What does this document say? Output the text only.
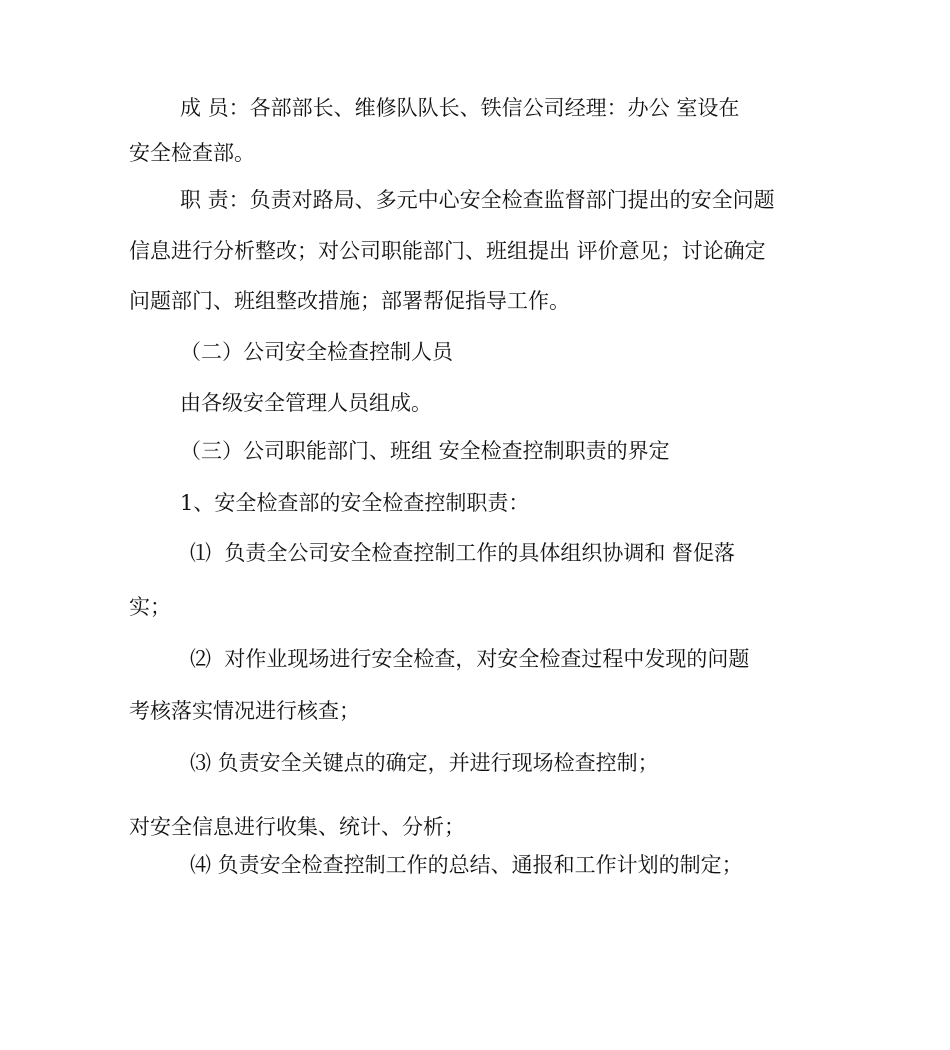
成 员：各部部长、维修队队长、铁信公司经理：办公 室设在
安全检查部。
职 责：负责对路局、多元中心安全检查监督部门提出的安全问题
信息进行分析整改；对公司职能部门、班组提出 评价意见；讨论确定
问题部门、班组整改措施；部署帮促指导工作。
（二）公司安全检查控制人员
由各级安全管理人员组成。
（三）公司职能部门、班组 安全检查控制职责的界定
1、安全检查部的安全检查控制职责：
⑴  负责全公司安全检查控制工作的具体组织协调和 督促落
实；
⑵  对作业现场进行安全检查，对安全检查过程中发现的问题
考核落实情况进行核查；
⑶ 负责安全关键点的确定，并进行现场检查控制；
对安全信息进行收集、统计、分析；
⑷ 负责安全检查控制工作的总结、通报和工作计划的制定；
